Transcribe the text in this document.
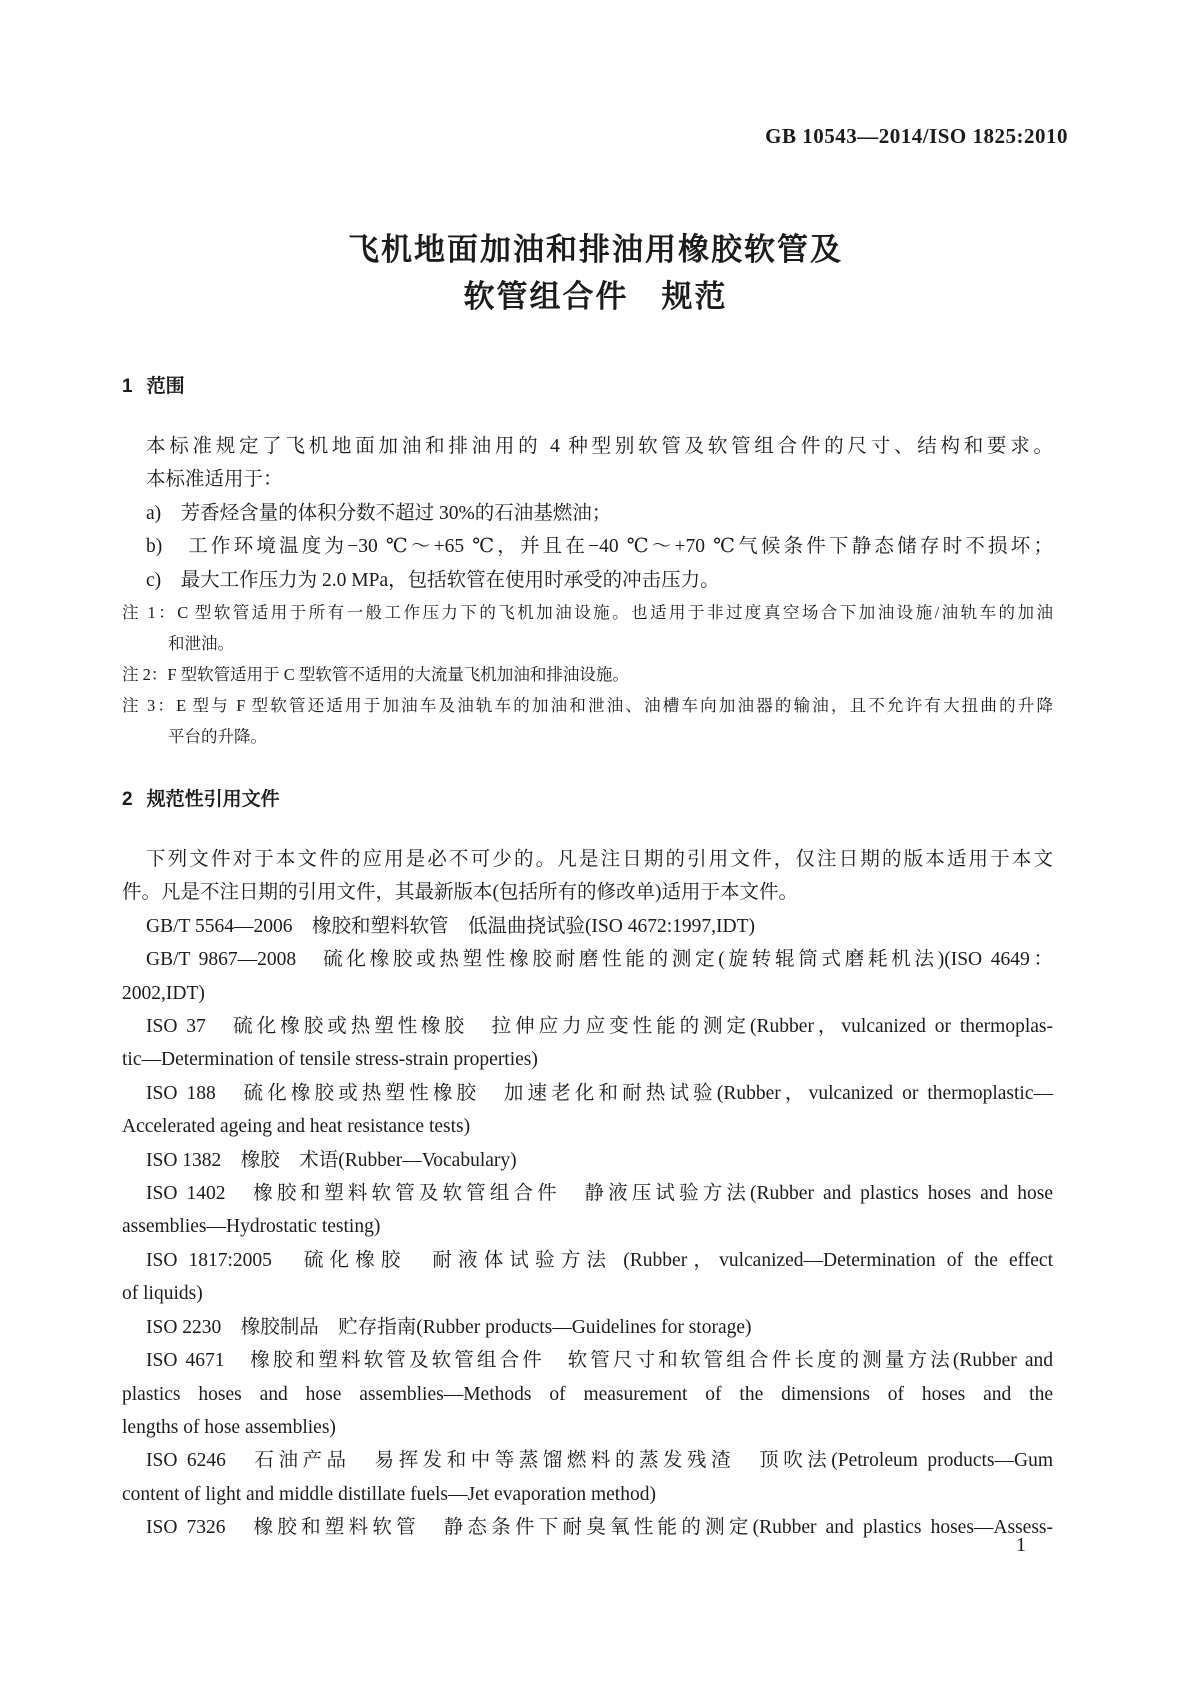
GB 10543—2014/ISO 1825:2010
飞机地面加油和排油用橡胶软管及
软管组合件　规范
1 范围

本标准规定了飞机地面加油和排油用的 4 种型别软管及软管组合件的尺寸、结构和要求。

本标准适用于：

a)　芳香烃含量的体积分数不超过 30%的石油基燃油；

b)　工作环境温度为−30 ℃～+65 ℃，并且在−40 ℃～+70 ℃气候条件下静态储存时不损坏；

c)　最大工作压力为 2.0 MPa，包括软管在使用时承受的冲击压力。

注 1：C 型软管适用于所有一般工作压力下的飞机加油设施。也适用于非过度真空场合下加油设施/油轨车的加油

和泄油。

注 2：F 型软管适用于 C 型软管不适用的大流量飞机加油和排油设施。

注 3：E 型与 F 型软管还适用于加油车及油轨车的加油和泄油、油槽车向加油器的输油，且不允许有大扭曲的升降

平台的升降。

2 规范性引用文件

下列文件对于本文件的应用是必不可少的。凡是注日期的引用文件，仅注日期的版本适用于本文

件。凡是不注日期的引用文件，其最新版本(包括所有的修改单)适用于本文件。

GB/T 5564—2006　橡胶和塑料软管　低温曲挠试验(ISO 4672:1997,IDT)

GB/T 9867—2008　硫化橡胶或热塑性橡胶耐磨性能的测定(旋转辊筒式磨耗机法)(ISO 4649：

2002,IDT)

ISO 37　硫化橡胶或热塑性橡胶　拉伸应力应变性能的测定(Rubber，vulcanized or thermoplas-

tic—Determination of tensile stress-strain properties)

ISO 188　硫化橡胶或热塑性橡胶　加速老化和耐热试验(Rubber，vulcanized or thermoplastic—

Accelerated ageing and heat resistance tests)

ISO 1382　橡胶　术语(Rubber—Vocabulary)

ISO 1402　橡胶和塑料软管及软管组合件　静液压试验方法(Rubber and plastics hoses and hose

assemblies—Hydrostatic testing)

ISO 1817:2005　硫化橡胶　耐液体试验方法 (Rubber，vulcanized—Determination of the effect

of liquids)

ISO 2230　橡胶制品　贮存指南(Rubber products—Guidelines for storage)

ISO 4671　橡胶和塑料软管及软管组合件　软管尺寸和软管组合件长度的测量方法(Rubber and

plastics hoses and hose assemblies—Methods of measurement of the dimensions of hoses and the

lengths of hose assemblies)

ISO 6246　石油产品　易挥发和中等蒸馏燃料的蒸发残渣　顶吹法(Petroleum products—Gum

content of light and middle distillate fuels—Jet evaporation method)

ISO 7326　橡胶和塑料软管　静态条件下耐臭氧性能的测定(Rubber and plastics hoses—Assess-

1
